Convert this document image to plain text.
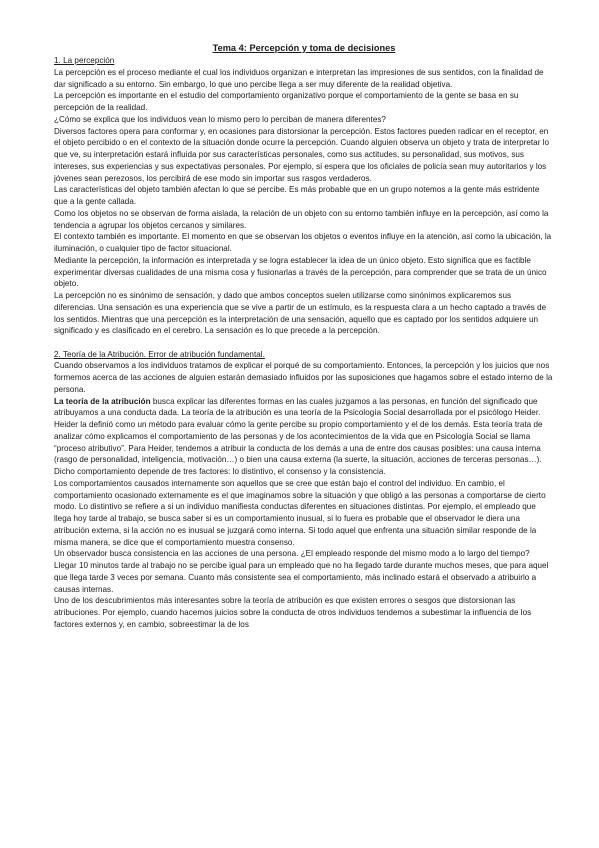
Tema 4: Percepción y toma de decisiones
1. La percepción

La percepción es el proceso mediante el cual los individuos organizan e interpretan las impresiones de sus sentidos, con la finalidad de dar significado a su entorno. Sin embargo, lo que uno percibe llega a ser muy diferente de la realidad objetiva.

La percepción es importante en el estudio del comportamiento organizativo porque el comportamiento de la gente se basa en su percepción de la realidad.

¿Cómo se explica que los individuos vean lo mismo pero lo perciban de manera diferentes?

Diversos factores opera para conformar y, en ocasiones para distorsionar la percepción. Estos factores pueden radicar en el receptor, en el objeto percibido o en el contexto de la situación donde ocurre la percepción. Cuando alguien observa un objeto y trata de interpretar lo que ve, su interpretación estará influida por sus características personales, como sus actitudes, su personalidad, sus motivos, sus intereses, sus experiencias y sus expectativas personales. Por ejemplo, si espera que los oficiales de policía sean muy autoritarios y los jóvenes sean perezosos, los percibirá de ese modo sin importar sus rasgos verdaderos.

Las características del objeto también afectan lo que se percibe. Es más probable que en un grupo notemos a la gente más estridente que a la gente callada.

Como los objetos no se observan de forma aislada, la relación de un objeto con su entorno también influye en la percepción, así como la tendencia a agrupar los objetos cercanos y similares.

El contexto también es importante. El momento en que se observan los objetos o eventos influye en la atención, así como la ubicación, la iluminación, o cualquier tipo de factor situacional.

Mediante la percepción, la información es interpretada y se logra establecer la idea de un único objeto. Esto significa que es factible experimentar diversas cualidades de una misma cosa y fusionarlas a través de la percepción, para comprender que se trata de un único objeto.

La percepción no es sinónimo de sensación, y dado que ambos conceptos suelen utilizarse como sinónimos explicaremos sus diferencias. Una sensación es una experiencia que se vive a partir de un estímulo, es la respuesta clara a un hecho captado a través de los sentidos. Mientras que una percepción es la interpretación de una sensación, aquello que es captado por los sentidos adquiere un significado y es clasificado en el cerebro. La sensación es lo que precede a la percepción.

2. Teoría de la Atribución. Error de atribución fundamental.

Cuando observamos a los individuos tratamos de explicar el porqué de su comportamiento. Entonces, la percepción y los juicios que nos formemos acerca de las acciones de alguien estarán demasiado influidos por las suposiciones que hagamos sobre el estado interno de la persona.

La teoría de la atribución busca explicar las diferentes formas en las cuales juzgamos a las personas, en función del significado que atribuyamos a una conducta dada. La teoría de la atribución es una teoría de la Psicología Social desarrollada por el psicólogo Heider. Heider la definió como un método para evaluar cómo la gente percibe su propio comportamiento y el de los demás. Esta teoría trata de analizar cómo explicamos el comportamiento de las personas y de los acontecimientos de la vida que en Psicología Social se llama “proceso atributivo”. Para Heider, tendemos a atribuir la conducta de los demás a una de entre dos causas posibles: una causa interna (rasgo de personalidad, inteligencia, motivación…) o bien una causa externa (la suerte, la situación, acciones de terceras personas…).

Dicho comportamiento depende de tres factores: lo distintivo, el consenso y la consistencia.

Los comportamientos causados internamente son aquellos que se cree que están bajo el control del individuo. En cambio, el comportamiento ocasionado externamente es el que imaginamos sobre la situación y que obligó a las personas a comportarse de cierto modo. Lo distintivo se refiere a si un individuo manifiesta conductas diferentes en situaciones distintas. Por ejemplo, el empleado que llega hoy tarde al trabajo, se busca saber si es un comportamiento inusual, si lo fuera es probable que el observador le diera una atribución externa, si la acción no es inusual se juzgará como interna. Si todo aquel que enfrenta una situación similar responde de la misma manera, se dice que el comportamiento muestra consenso.

Un observador busca consistencia en las acciones de una persona. ¿El empleado responde del mismo modo a lo largo del tiempo? Llegar 10 minutos tarde al trabajo no se percibe igual para un empleado que no ha llegado tarde durante muchos meses, que para aquel que llega tarde 3 veces por semana. Cuanto más consistente sea el comportamiento, más inclinado estará el observado a atribuirlo a causas internas.

Uno de los descubrimientos más interesantes sobre la teoría de atribución es que existen errores o sesgos que distorsionan las atribuciones. Por ejemplo, cuando hacemos juicios sobre la conducta de otros individuos tendemos a subestimar la influencia de los factores externos y, en cambio, sobreestimar la de los
